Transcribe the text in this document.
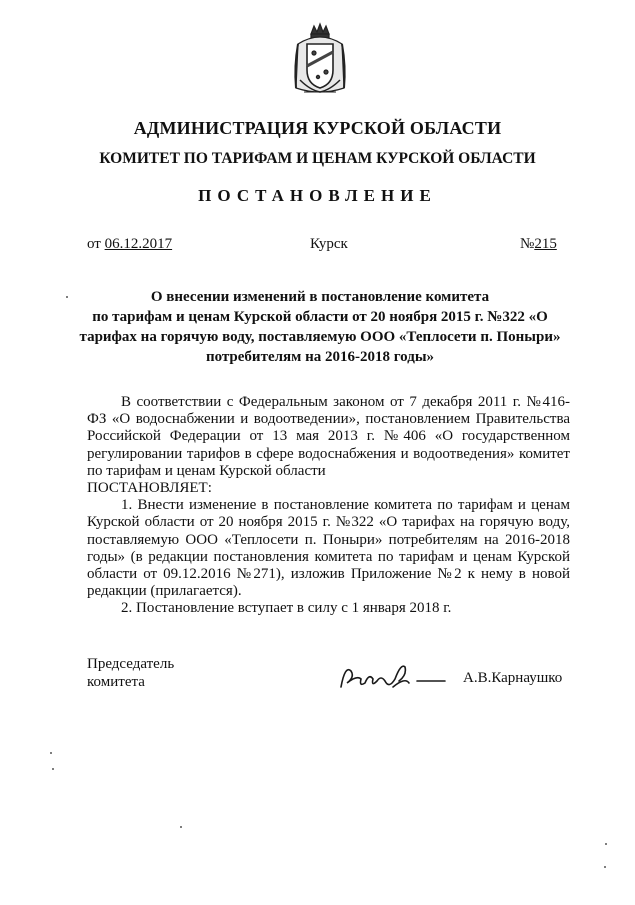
АДМИНИСТРАЦИЯ КУРСКОЙ ОБЛАСТИ
КОМИТЕТ ПО ТАРИФАМ И ЦЕНАМ КУРСКОЙ ОБЛАСТИ
ПОСТАНОВЛЕНИЕ
от 06.12.2017	Курск	№215
О внесении изменений в постановление комитета
по тарифам и ценам Курской области от 20 ноября 2015 г. №322 «О
тарифах на горячую воду, поставляемую ООО «Теплосети п. Поныри»
потребителям на 2016-2018 годы»

В соответствии с Федеральным законом от 7 декабря 2011 г. №416-ФЗ «О водоснабжении и водоотведении», постановлением Правительства Российской Федерации от 13 мая 2013 г. №406 «О государственном регулировании тарифов в сфере водоснабжения и водоотведения» комитет по тарифам и ценам Курской области

ПОСТАНОВЛЯЕТ:

1. Внести изменение в постановление комитета по тарифам и ценам Курской области от 20 ноября 2015 г. №322 «О тарифах на горячую воду, поставляемую ООО «Теплосети п. Поныри» потребителям на 2016-2018 годы» (в редакции постановления комитета по тарифам и ценам Курской области от 09.12.2016 №271), изложив Приложение №2 к нему в новой редакции (прилагается).

2. Постановление вступает в силу с 1 января 2018 г.

Председатель
комитета	А.В.Карнаушко
